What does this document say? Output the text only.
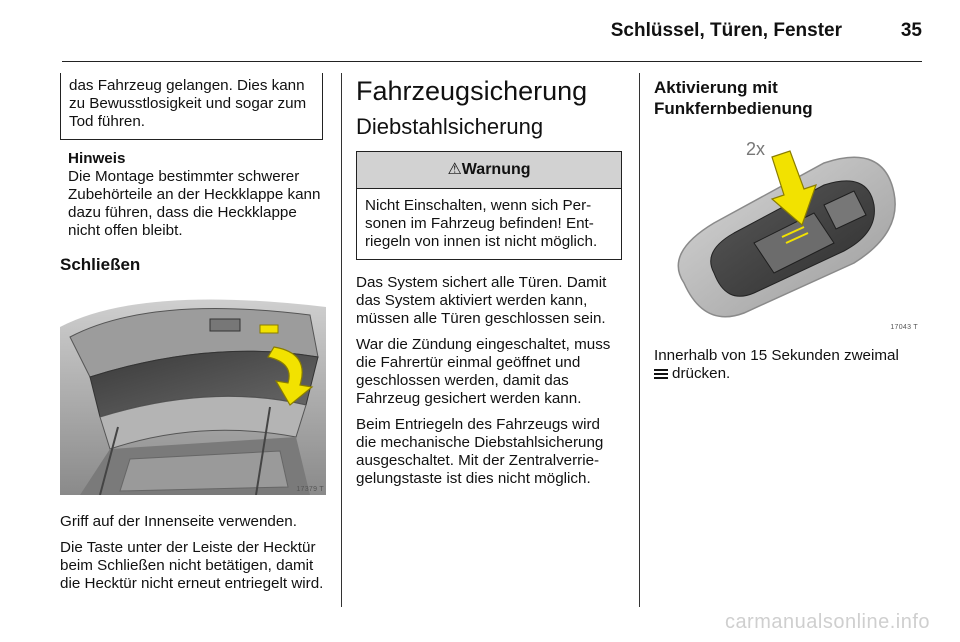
Schlüssel, Türen, Fenster	35
das Fahrzeug gelangen. Dies kann zu Bewusstlosigkeit und sogar zum Tod führen.
Hinweis
Die Montage bestimmter schwerer Zubehörteile an der Heckklappe kann dazu führen, dass die Heckklappe nicht offen bleibt.
Schließen
17379 T
Griff auf der Innenseite verwenden.
Die Taste unter der Leiste der Hecktür beim Schließen nicht betätigen, damit die Hecktür nicht erneut entriegelt wird.
Fahrzeugsicherung
Diebstahlsicherung
⚠Warnung
Nicht Einschalten, wenn sich Personen im Fahrzeug befinden! Entriegeln von innen ist nicht möglich.
Das System sichert alle Türen. Damit das System aktiviert werden kann, müssen alle Türen geschlossen sein.
War die Zündung eingeschaltet, muss die Fahrertür einmal geöffnet und geschlossen werden, damit das Fahrzeug gesichert werden kann.
Beim Entriegeln des Fahrzeugs wird die mechanische Diebstahlsicherung ausgeschaltet. Mit der Zentralverriegelungstaste ist dies nicht möglich.
Aktivierung mit Funkfernbedienung
2x
17043 T
Innerhalb von 15 Sekunden zweimal
drücken.
carmanualsonline.info
